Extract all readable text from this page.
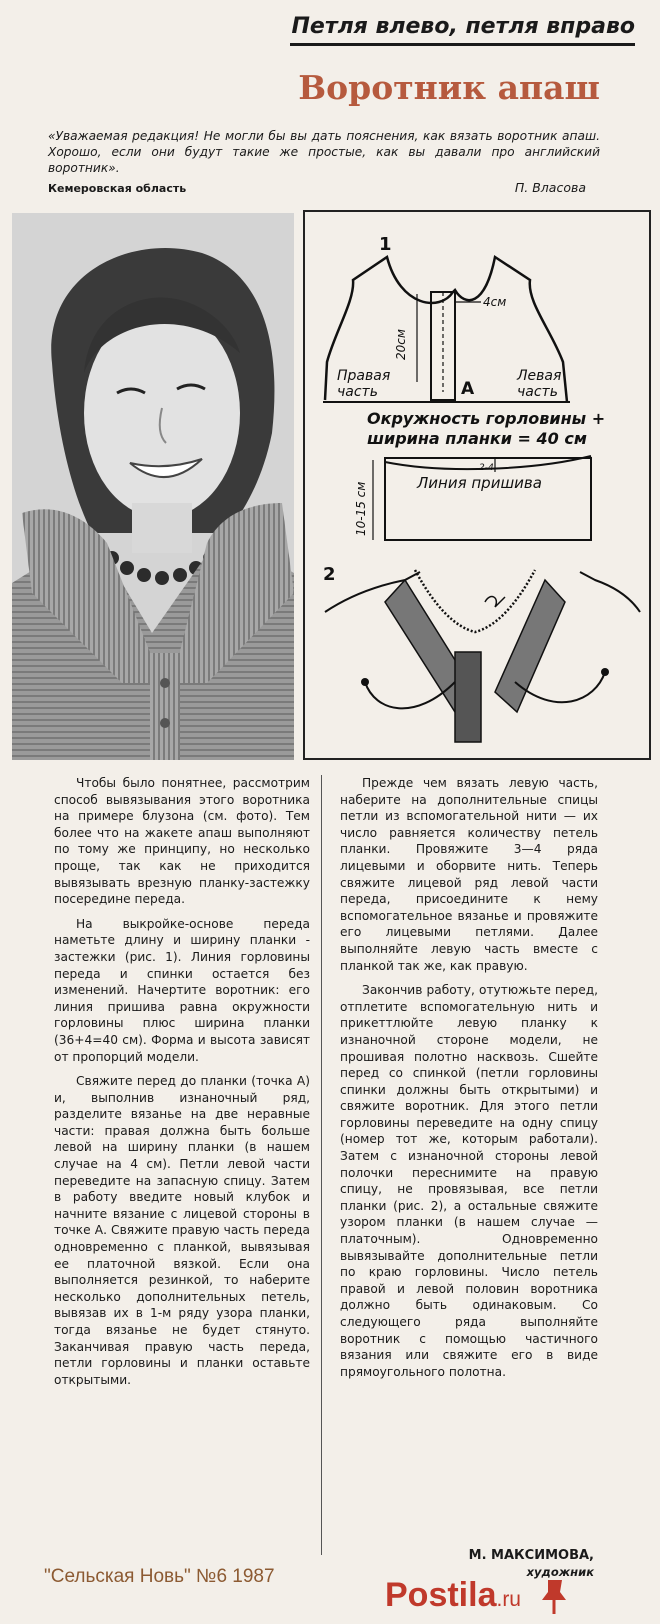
Петля влево, петля вправо
Воротник апаш
«Уважаемая редакция! Не могли бы вы дать пояснения, как вязать воротник апаш. Хорошо, если они будут такие же простые, как вы давали про английский воротник».
Кемеровская область	П. Власова
1
4см
20см
А
Правая
часть
Левая
часть
Окружность горловины +
ширина планки = 40 см
2-4
Линия пришива
10-15 см
2

Чтобы было понятнее, рассмотрим способ вывязывания этого воротника на примере блузона (см. фото). Тем более что на жакете апаш выполняют по тому же принципу, но несколько проще, так как не приходится вывязывать врезную планку-застежку посередине переда.

На выкройке-основе переда наметьте длину и ширину планки - застежки (рис. 1). Линия горловины переда и спинки остается без изменений. Начертите воротник: его линия пришива равна окружности горловины плюс ширина планки (36+4=40 см). Форма и высота зависят от пропорций модели.

Свяжите перед до планки (точка А) и, выполнив изнаночный ряд, разделите вязанье на две неравные части: правая должна быть больше левой на ширину планки (в нашем случае на 4 см). Петли левой части переведите на запасную спицу. Затем в работу введите новый клубок и начните вязание с лицевой стороны в точке А. Свяжите правую часть переда одновременно с планкой, вывязывая ее платочной вязкой. Если она выполняется резинкой, то наберите несколько дополнительных петель, вывязав их в 1-м ряду узора планки, тогда вязанье не будет стянуто. Заканчивая правую часть переда, петли горловины и планки оставьте открытыми.

Прежде чем вязать левую часть, наберите на дополнительные спицы петли из вспомогательной нити — их число равняется количеству петель планки. Провяжите 3—4 ряда лицевыми и оборвите нить. Теперь свяжите лицевой ряд левой части переда, присоедините к нему вспомогательное вязанье и провяжите его лицевыми петлями. Далее выполняйте левую часть вместе с планкой так же, как правую.

Закончив работу, отутюжьте перед, отплетите вспомогательную нить и прикеттлюйте левую планку к изнаночной стороне модели, не прошивая полотно насквозь. Сшейте перед со спинкой (петли горловины спинки должны быть открытыми) и свяжите воротник. Для этого петли горловины переведите на одну спицу (номер тот же, которым работали). Затем с изнаночной стороны левой полочки переснимите на правую спицу, не провязывая, все петли планки (рис. 2), а остальные свяжите узором планки (в нашем случае — платочным). Одновременно вывязывайте дополнительные петли по краю горловины. Число петель правой и левой половин воротника должно быть одинаковым. Со следующего ряда выполняйте воротник с помощью частичного вязания или свяжите его в виде прямоугольного полотна.

М. МАКСИМОВА,
художник
"Сельская Новь" №6 1987	Postila.ru
